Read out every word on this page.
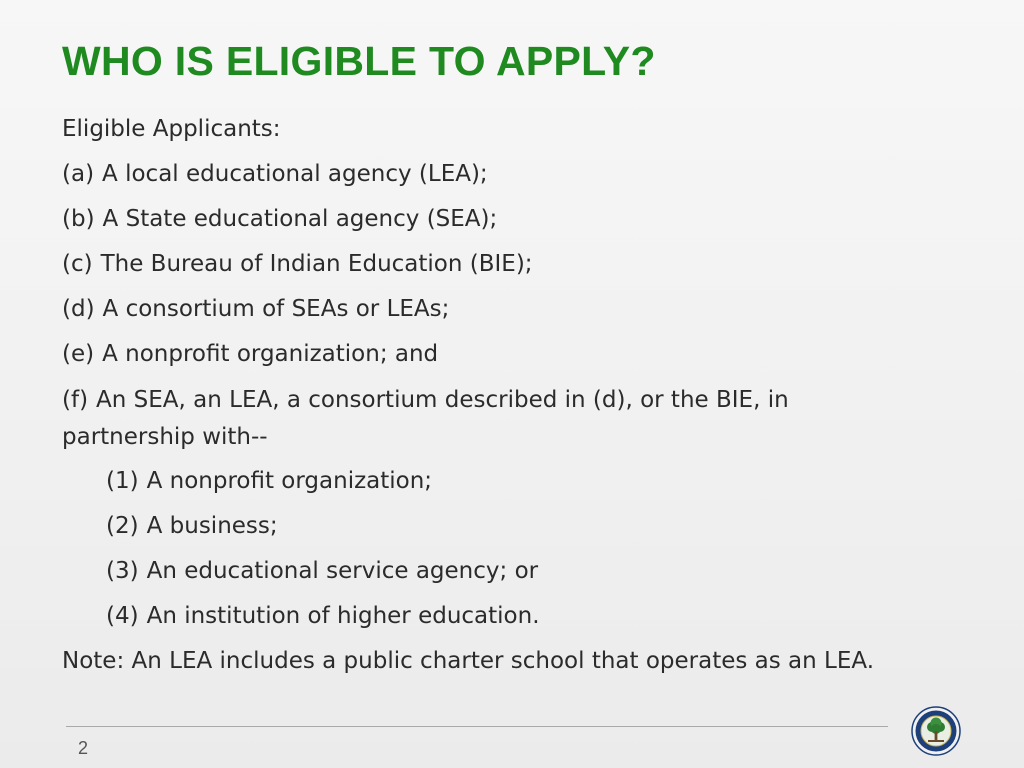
WHO IS ELIGIBLE TO APPLY?
Eligible Applicants:
(a) A local educational agency (LEA);
(b) A State educational agency (SEA);
(c) The Bureau of Indian Education (BIE);
(d) A consortium of SEAs or LEAs;
(e) A nonprofit organization; and
(f) An SEA, an LEA, a consortium described in (d), or the BIE, in partnership with--
(1) A nonprofit organization;
(2) A business;
(3) An educational service agency; or
(4) An institution of higher education.
Note: An LEA includes a public charter school that operates as an LEA.
2
